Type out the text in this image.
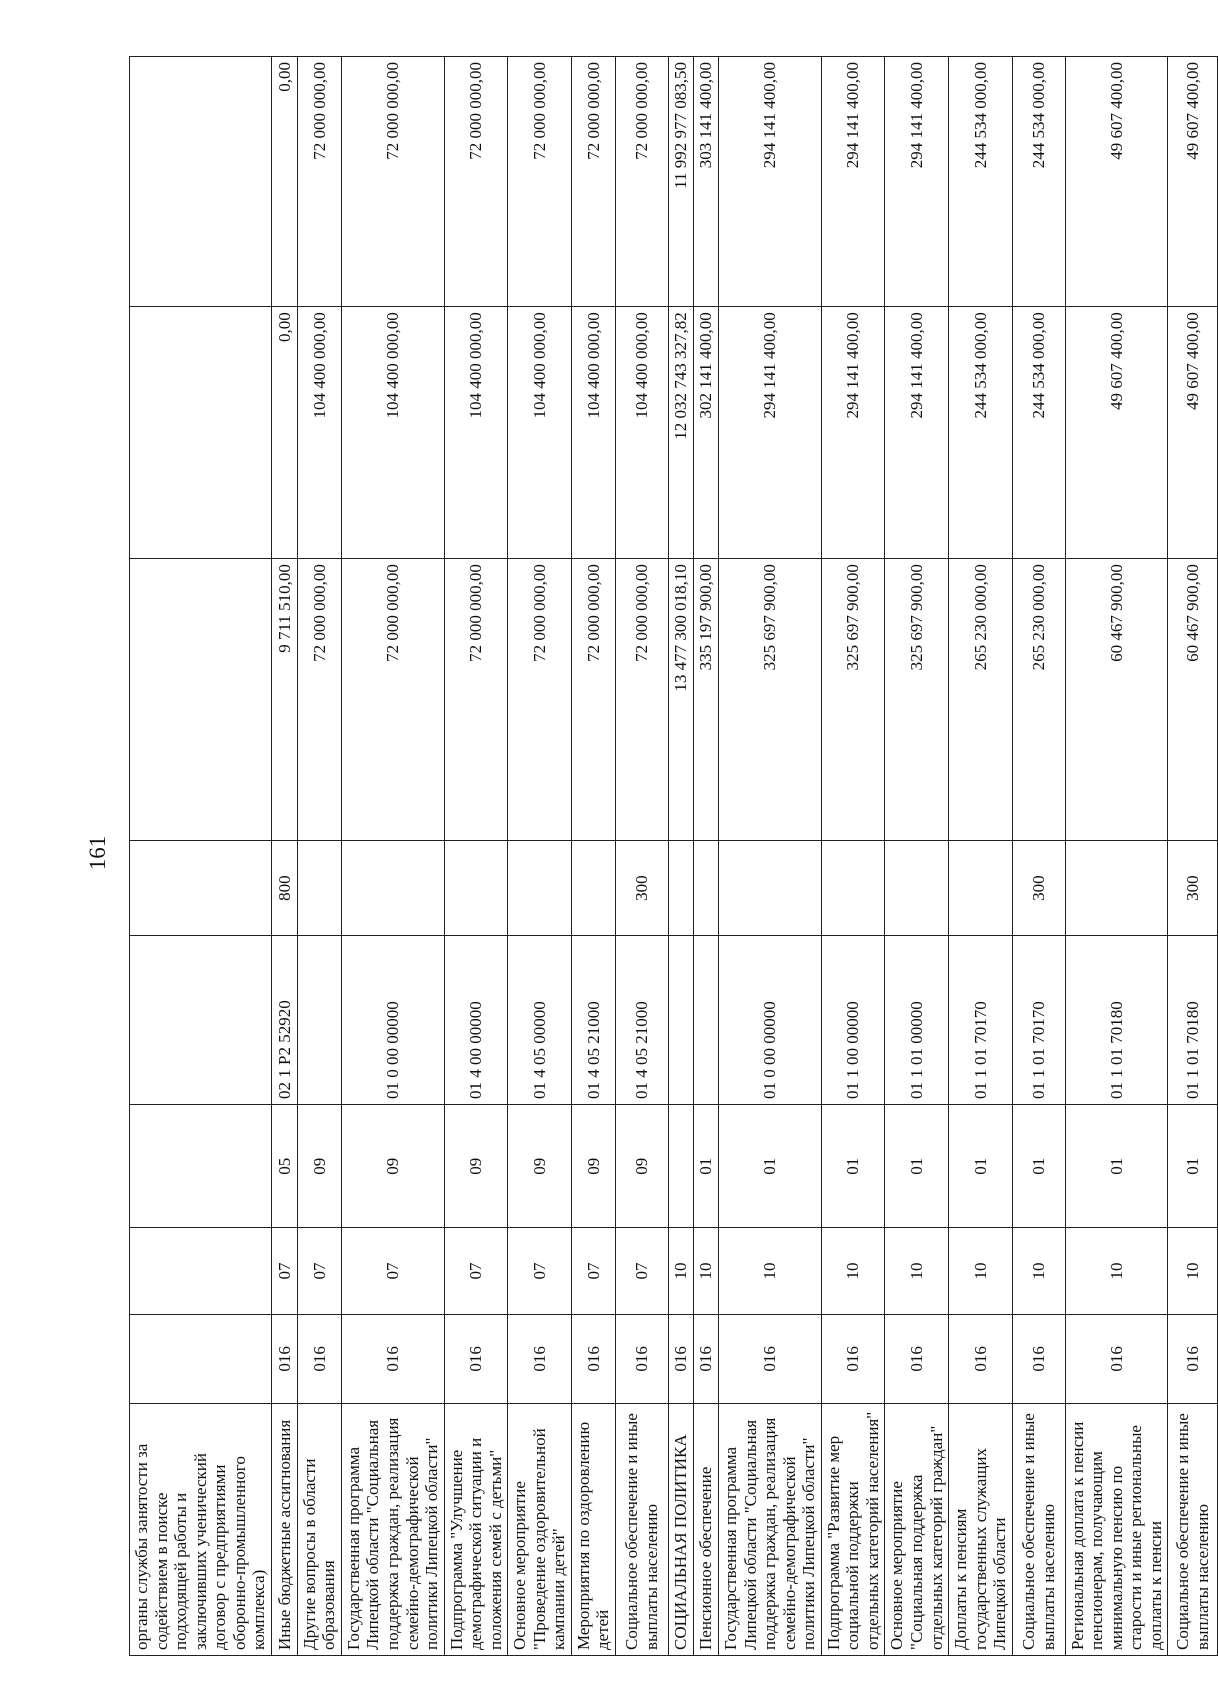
161
органы службы занятости за содействием в поиске подходящей работы и заключивших ученический договор с предприятиями оборонно-промышленного комплекса)								
Иные бюджетные ассигнования	016	07	05	02 1 P2 52920	800	9 711 510,00	0,00	0,00
Другие вопросы в области образования	016	07	09			72 000 000,00	104 400 000,00	72 000 000,00
Государственная программа Липецкой области "Социальная поддержка граждан, реализация семейно-демографической политики Липецкой области"	016	07	09	01 0 00 00000		72 000 000,00	104 400 000,00	72 000 000,00
Подпрограмма "Улучшение демографической ситуации и положения семей с детьми"	016	07	09	01 4 00 00000		72 000 000,00	104 400 000,00	72 000 000,00
Основное мероприятие "Проведение оздоровительной кампании детей"	016	07	09	01 4 05 00000		72 000 000,00	104 400 000,00	72 000 000,00
Мероприятия по оздоровлению детей	016	07	09	01 4 05 21000		72 000 000,00	104 400 000,00	72 000 000,00
Социальное обеспечение и иные выплаты населению	016	07	09	01 4 05 21000	300	72 000 000,00	104 400 000,00	72 000 000,00
СОЦИАЛЬНАЯ ПОЛИТИКА	016	10				13 477 300 018,10	12 032 743 327,82	11 992 977 083,50
Пенсионное обеспечение	016	10	01			335 197 900,00	302 141 400,00	303 141 400,00
Государственная программа Липецкой области "Социальная поддержка граждан, реализация семейно-демографической политики Липецкой области"	016	10	01	01 0 00 00000		325 697 900,00	294 141 400,00	294 141 400,00
Подпрограмма "Развитие мер социальной поддержки отдельных категорий населения"	016	10	01	01 1 00 00000		325 697 900,00	294 141 400,00	294 141 400,00
Основное мероприятие "Социальная поддержка отдельных категорий граждан"	016	10	01	01 1 01 00000		325 697 900,00	294 141 400,00	294 141 400,00
Доплаты к пенсиям государственных служащих Липецкой области	016	10	01	01 1 01 70170		265 230 000,00	244 534 000,00	244 534 000,00
Социальное обеспечение и иные выплаты населению	016	10	01	01 1 01 70170	300	265 230 000,00	244 534 000,00	244 534 000,00
Региональная доплата к пенсии пенсионерам, получающим минимальную пенсию по старости и иные региональные доплаты к пенсии	016	10	01	01 1 01 70180		60 467 900,00	49 607 400,00	49 607 400,00
Социальное обеспечение и иные выплаты населению	016	10	01	01 1 01 70180	300	60 467 900,00	49 607 400,00	49 607 400,00
